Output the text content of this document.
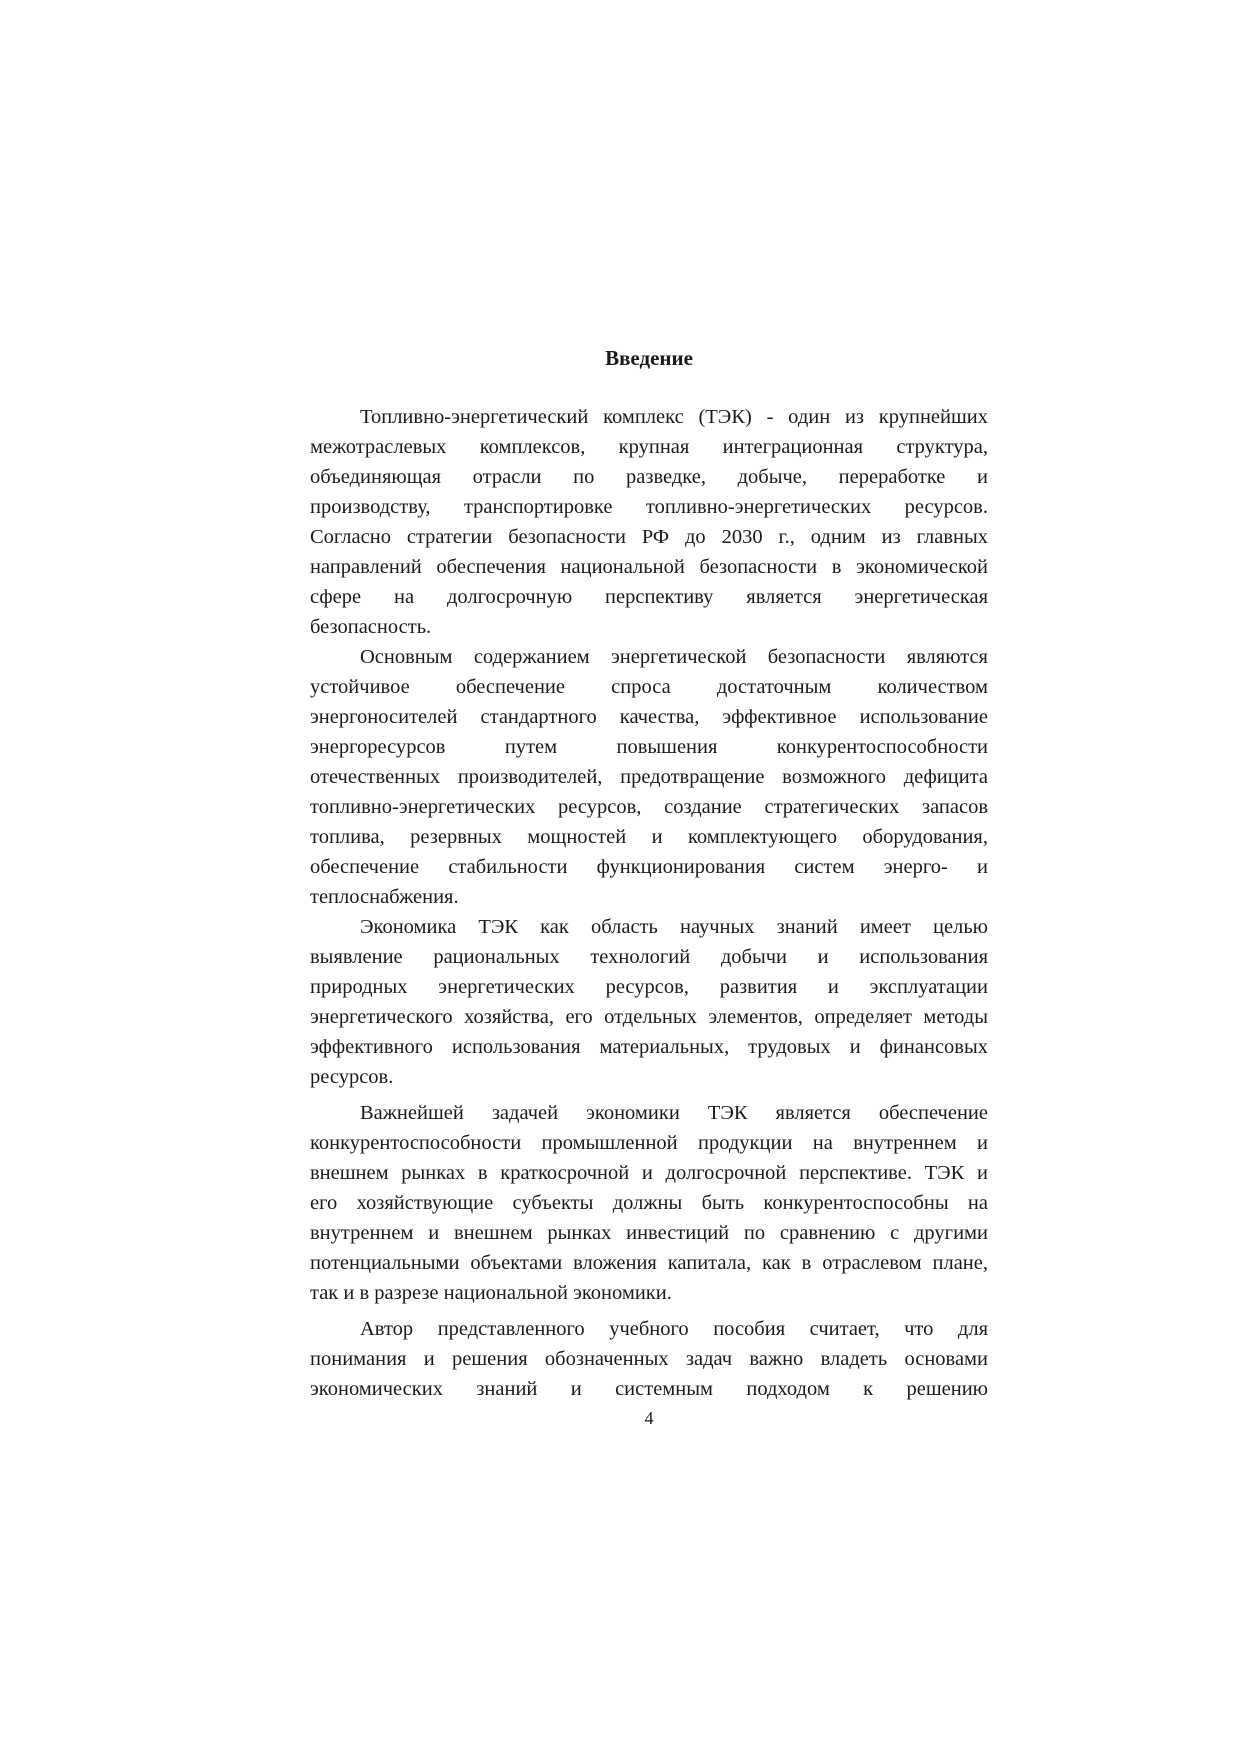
Введение
Топливно-энергетический комплекс (ТЭК) - один из крупнейших
межотраслевых комплексов, крупная интеграционная структура,
объединяющая отрасли по разведке, добыче, переработке и
производству, транспортировке топливно-энергетических ресурсов.
Согласно стратегии безопасности РФ до 2030 г., одним из главных
направлений обеспечения национальной безопасности в экономической
сфере на долгосрочную перспективу является энергетическая
безопасность.
Основным содержанием энергетической безопасности являются
устойчивое обеспечение спроса достаточным количеством
энергоносителей стандартного качества, эффективное использование
энергоресурсов путем повышения конкурентоспособности
отечественных производителей, предотвращение возможного дефицита
топливно-энергетических ресурсов, создание стратегических запасов
топлива, резервных мощностей и комплектующего оборудования,
обеспечение стабильности функционирования систем энерго- и
теплоснабжения.
Экономика ТЭК как область научных знаний имеет целью
выявление рациональных технологий добычи и использования
природных энергетических ресурсов, развития и эксплуатации
энергетического хозяйства, его отдельных элементов, определяет методы
эффективного использования материальных, трудовых и финансовых
ресурсов.
Важнейшей задачей экономики ТЭК является обеспечение
конкурентоспособности промышленной продукции на внутреннем и
внешнем рынках в краткосрочной и долгосрочной перспективе. ТЭК и
его хозяйствующие субъекты должны быть конкурентоспособны на
внутреннем и внешнем рынках инвестиций по сравнению с другими
потенциальными объектами вложения капитала, как в отраслевом плане,
так и в разрезе национальной экономики.
Автор представленного учебного пособия считает, что для
понимания и решения обозначенных задач важно владеть основами
экономических знаний и системным подходом к решению
4
